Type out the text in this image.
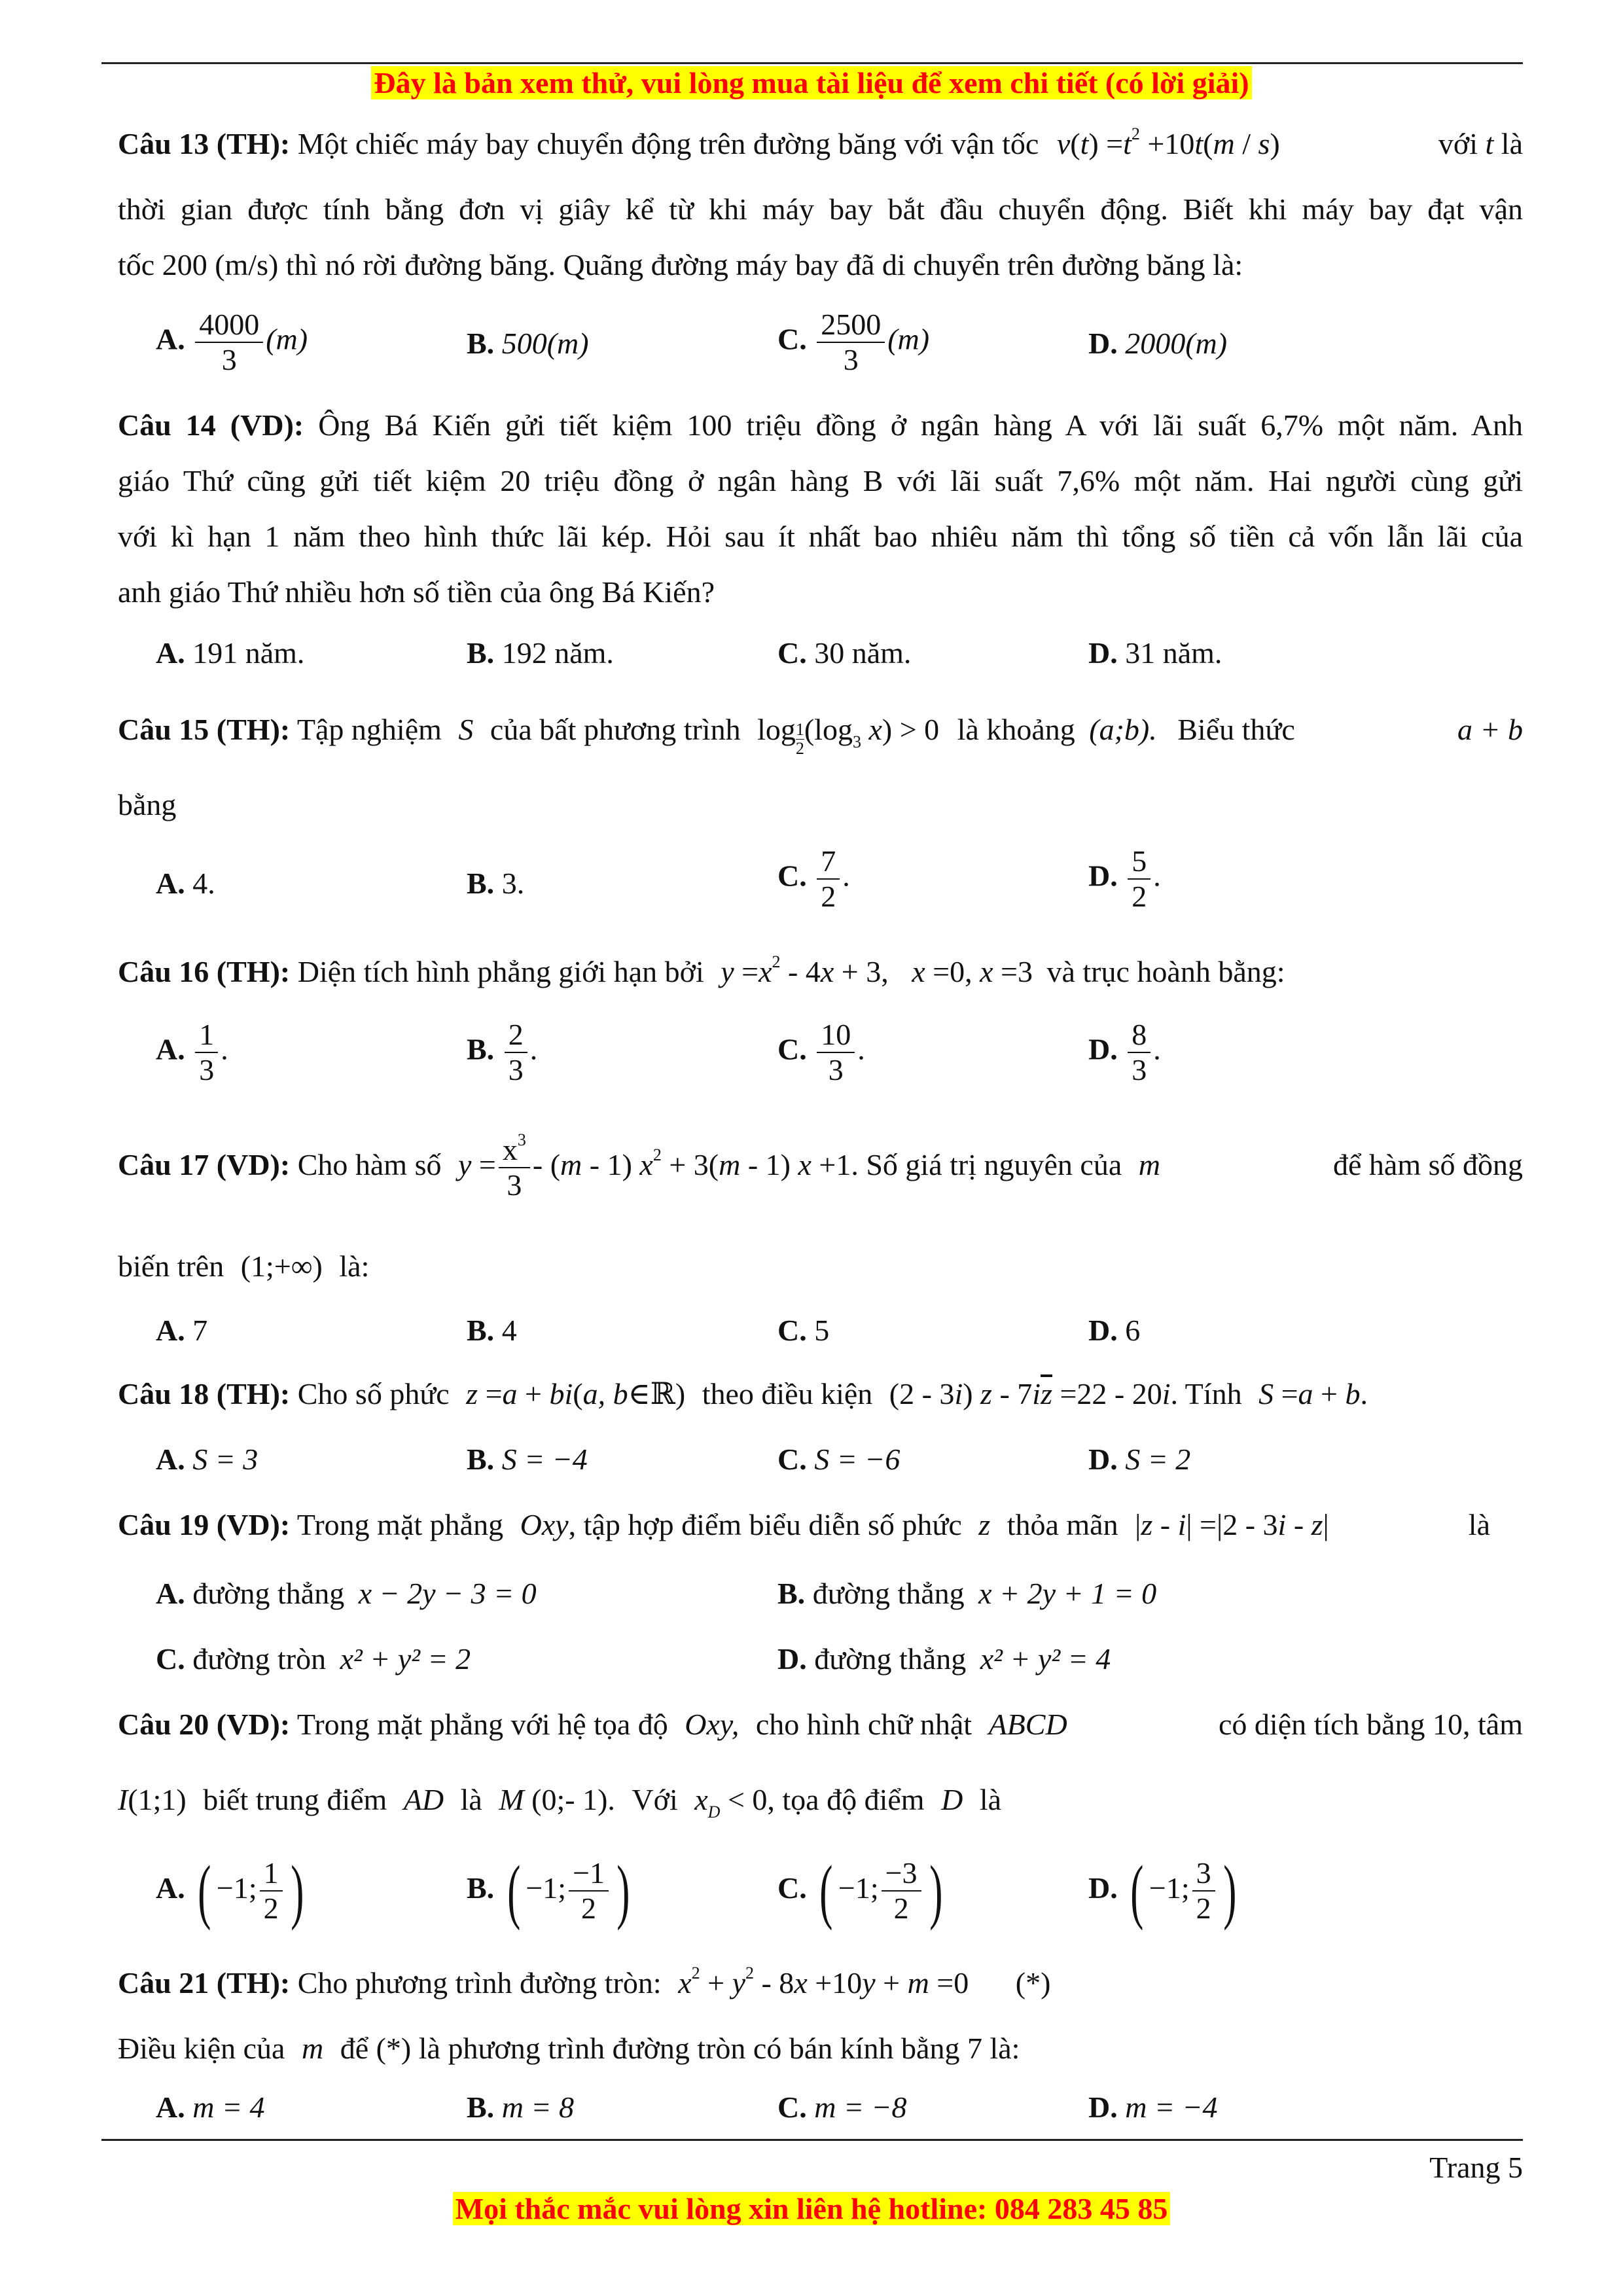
Đây là bản xem thử, vui lòng mua tài liệu để xem chi tiết (có lời giải)
Câu 13 (TH): Một chiếc máy bay chuyển động trên đường băng với vận tốc $v(t) =t^2 +10t(m / s)$	với t là
thời gian được tính bằng đơn vị giây kể từ khi máy bay bắt đầu chuyển động. Biết khi máy bay đạt vận
tốc 200 (m/s) thì nó rời đường băng. Quãng đường máy bay đã di chuyển trên đường băng là:
A. $\frac{4000}{3} (m)$	B. 500(m)	C. $\frac{2500}{3} (m)$	D. 2000(m)
Câu 14 (VD): Ông Bá Kiến gửi tiết kiệm 100 triệu đồng ở ngân hàng A với lãi suất 6,7% một năm. Anh
giáo Thứ cũng gửi tiết kiệm 20 triệu đồng ở ngân hàng B với lãi suất 7,6% một năm. Hai người cùng gửi
với kì hạn 1 năm theo hình thức lãi kép. Hỏi sau ít nhất bao nhiêu năm thì tổng số tiền cả vốn lẫn lãi của
anh giáo Thứ nhiều hơn số tiền của ông Bá Kiến?
A. 191 năm.	B. 192 năm.	C. 30 năm.	D. 31 năm.
Câu 15 (TH): Tập nghiệm S của bất phương trình $\log \frac{1}{2} (\log_3$ x) > 0 là khoảng (a;b). Biểu thức	a + b
bằng
A. 4.	B. 3.	C. $\frac{7}{2}$ .	D. $\frac{5}{2}$ .
Câu 16 (TH): Diện tích hình phẳng giới hạn bởi $y =x^2 - 4x + 3$, x =0, x =3 và trục hoành bằng:
A. $\frac{1}{3}$ .	B. $\frac{2}{3}$ .	C. $\frac{10}{3}$ .	D. $\frac{8}{3}$ .
Câu 17 (VD): Cho hàm số $y = \frac{x^3}{3} - (m - 1) x^2 + 3(m - 1)$ x +1. Số giá trị nguyên của m	để hàm số đồng
biến trên (1;+∞) là:
A. 7	B. 4	C. 5	D. 6
Câu 18 (TH): Cho số phức z =a + bi(a, b∈ℝ) theo điều kiện (2 - 3i) $z - 7i\overline{z} =22 - 20i$. Tính S =a + b.
A. S = 3	B. S = −4	C. S = −6	D. S = 2
Câu 19 (VD): Trong mặt phẳng Oxy, tập hợp điểm biểu diễn số phức z thỏa mãn |z - i| =|2 - 3i - z|	là
A. đường thẳng x − 2y − 3 = 0	B. đường thẳng x + 2y + 1 = 0
C. đường tròn x² + y² = 2	D. đường thẳng x² + y² = 4
Câu 20 (VD): Trong mặt phẳng với hệ tọa độ Oxy, cho hình chữ nhật ABCD	có diện tích bằng 10, tâm
I(1;1) biết trung điểm AD là M (0;- 1). Với $x_D < 0$, tọa độ điểm D là
A. ( −1; $\frac{1}{2}$ )	B. ( −1; $\frac{-1}{2}$ )	C. ( −1; $\frac{-3}{2}$ )	D. ( −1; $\frac{3}{2}$ )
Câu 21 (TH): Cho phương trình đường tròn: $x^2 + y^2 - 8x +10y + m =0$ (*)
Điều kiện của m để (*) là phương trình đường tròn có bán kính bằng 7 là:
A. m = 4	B. m = 8	C. m = −8	D. m = −4
Trang 5
Mọi thắc mắc vui lòng xin liên hệ hotline: 084 283 45 85
